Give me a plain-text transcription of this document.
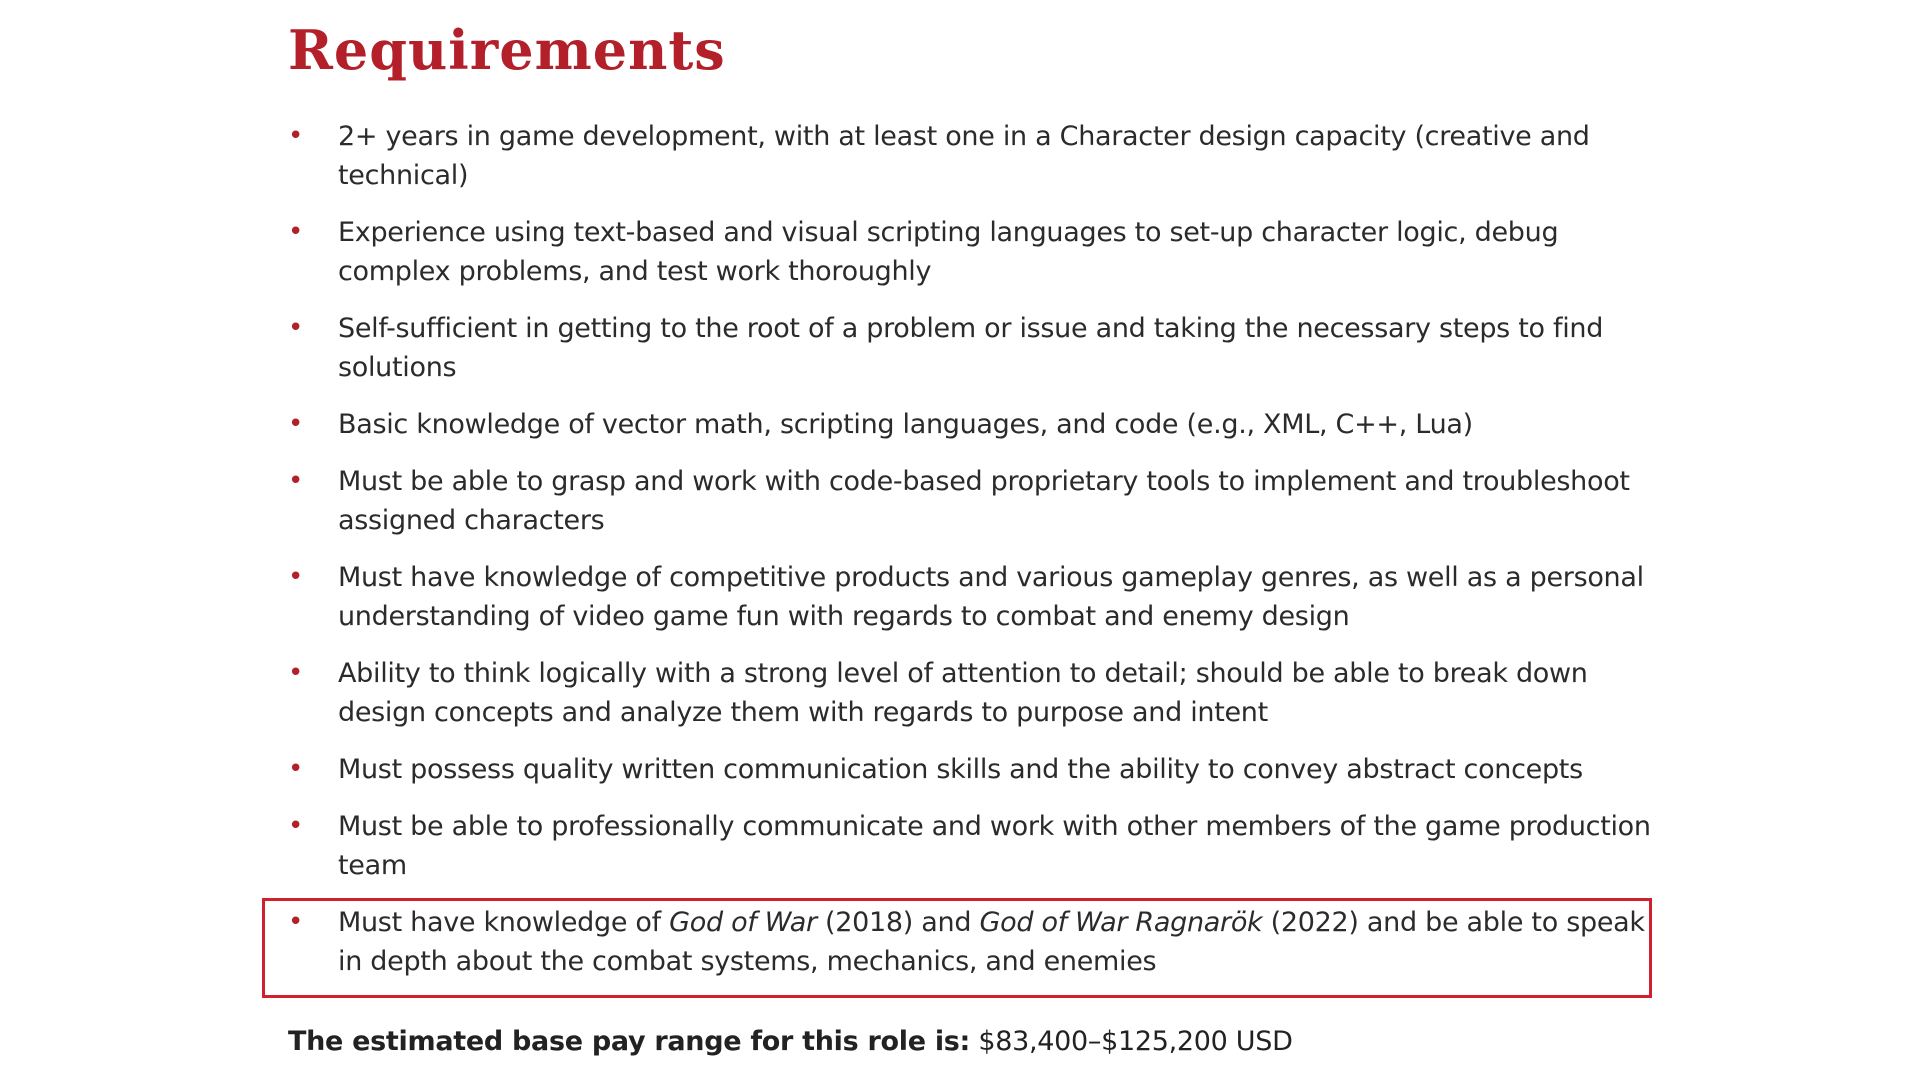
Requirements
• 2+ years in game development, with at least one in a Character design capacity (creative and technical)
• Experience using text-based and visual scripting languages to set-up character logic, debug complex problems, and test work thoroughly
• Self-sufficient in getting to the root of a problem or issue and taking the necessary steps to find solutions
• Basic knowledge of vector math, scripting languages, and code (e.g., XML, C++, Lua)
• Must be able to grasp and work with code-based proprietary tools to implement and troubleshoot assigned characters
• Must have knowledge of competitive products and various gameplay genres, as well as a personal understanding of video game fun with regards to combat and enemy design
• Ability to think logically with a strong level of attention to detail; should be able to break down design concepts and analyze them with regards to purpose and intent
• Must possess quality written communication skills and the ability to convey abstract concepts
• Must be able to professionally communicate and work with other members of the game production team
• Must have knowledge of God of War (2018) and God of War Ragnarök (2022) and be able to speak in depth about the combat systems, mechanics, and enemies
The estimated base pay range for this role is: $83,400–$125,200 USD
